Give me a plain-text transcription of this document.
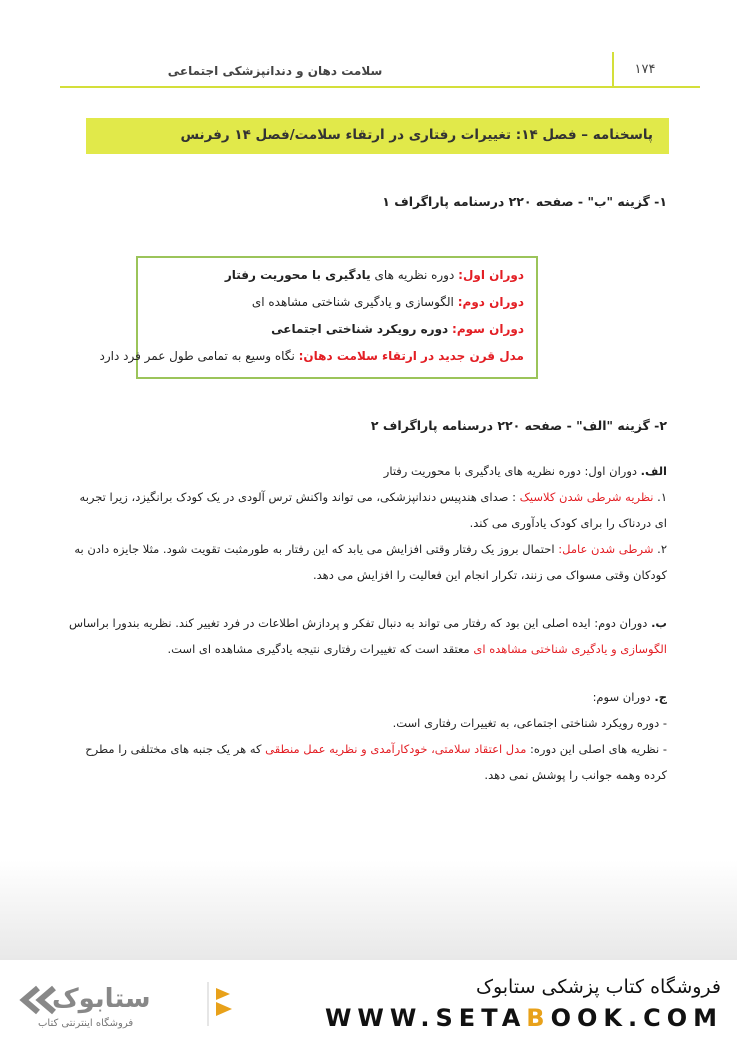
سلامت دهان و دندانپزشکی اجتماعی	۱۷۴
پاسخنامه – فصل ۱۴: تغییرات رفتاری در ارتقاء سلامت/فصل ۱۴ رفرنس
۱- گزینه "ب" - صفحه ۲۲۰ درسنامه پاراگراف ۱
دوران اول: دوره نظریه های یادگیری با محوریت رفتار
دوران دوم: الگوسازی و یادگیری شناختی مشاهده ای
دوران سوم: دوره رویکرد شناختی اجتماعی
مدل قرن جدید در ارتقاء سلامت دهان: نگاه وسیع به تمامی طول عمر فرد دارد
۲- گزینه "الف" - صفحه ۲۲۰ درسنامه پاراگراف ۲
الف. دوران اول: دوره نظریه های یادگیری با محوریت رفتار
۱. نظریه شرطی شدن کلاسیک : صدای هندپیس دندانپزشکی، می تواند واکنش ترس آلودی در یک کودک برانگیزد، زیرا تجربه ای دردناک را برای کودک یادآوری می کند.
۲. شرطی شدن عامل: احتمال بروز یک رفتار وقتی افزایش می یابد که این رفتار به طورمثبت تقویت شود. مثلا جایزه دادن به کودکان وقتی مسواک می زنند، تکرار انجام این فعالیت را افزایش می دهد.
ب. دوران دوم: ایده اصلی این بود که رفتار می تواند به دنبال تفکر و پردازش اطلاعات در فرد تغییر کند. نظریه بندورا براساس الگوسازی و یادگیری شناختی مشاهده ای معتقد است که تغییرات رفتاری نتیجه یادگیری مشاهده ای است.
ج. دوران سوم:
- دوره رویکرد شناختی اجتماعی، به تغییرات رفتاری است.
- نظریه های اصلی این دوره: مدل اعتقاد سلامتی، خودکارآمدی و نظریه عمل منطقی که هر یک جنبه های مختلفی را مطرح کرده وهمه جوانب را پوشش نمی دهد.
ستابوک
فروشگاه اینترنتی کتاب
فروشگاه کتاب پزشکی ستابوک
WWW.SETABOOK.COM
